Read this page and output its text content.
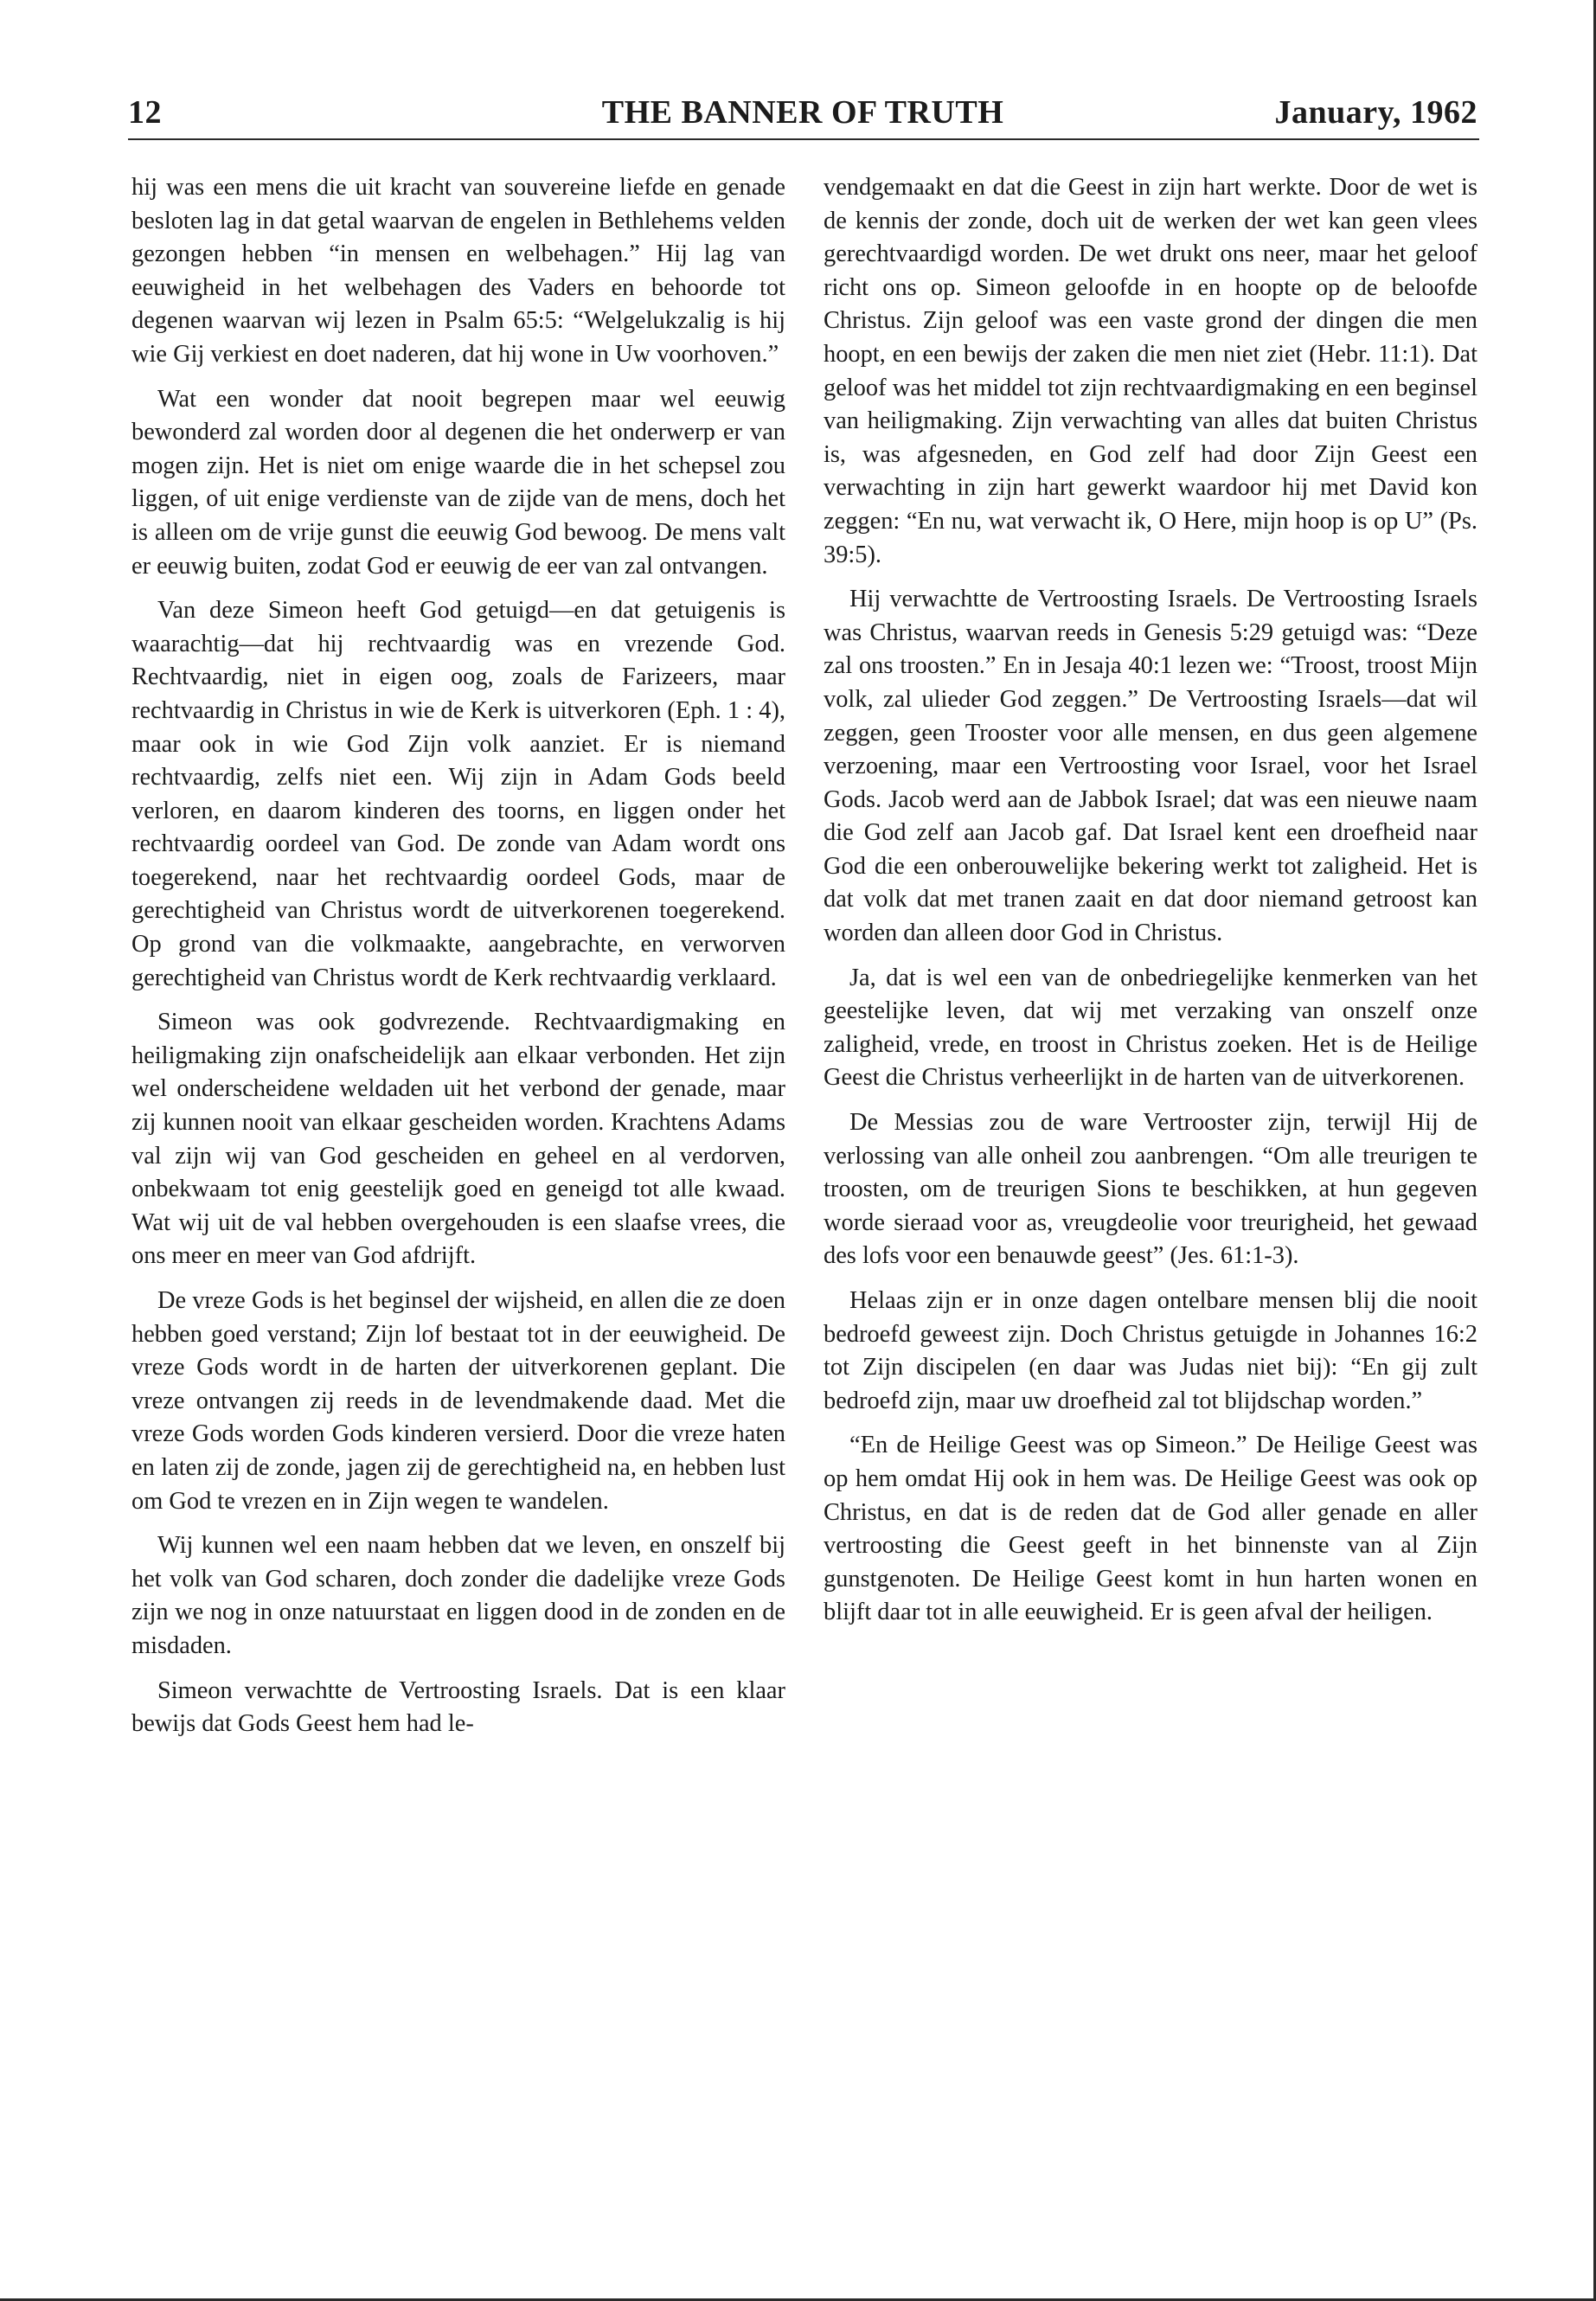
12	THE BANNER OF TRUTH	January, 1962

hij was een mens die uit kracht van souvereine liefde en genade besloten lag in dat getal waarvan de engelen in Bethlehems velden gezongen hebben “in mensen en welbehagen.” Hij lag van eeuwigheid in het welbehagen des Vaders en behoorde tot degenen waarvan wij lezen in Psalm 65:5: “Welgelukzalig is hij wie Gij verkiest en doet naderen, dat hij wone in Uw voorhoven.”

Wat een wonder dat nooit begrepen maar wel eeuwig bewonderd zal worden door al degenen die het onderwerp er van mogen zijn. Het is niet om enige waarde die in het schepsel zou liggen, of uit enige verdienste van de zijde van de mens, doch het is alleen om de vrije gunst die eeuwig God bewoog. De mens valt er eeuwig buiten, zodat God er eeuwig de eer van zal ontvangen.

Van deze Simeon heeft God getuigd—en dat getuigenis is waarachtig—dat hij rechtvaardig was en vrezende God. Rechtvaardig, niet in eigen oog, zoals de Farizeers, maar rechtvaardig in Christus in wie de Kerk is uitverkoren (Eph. 1 : 4), maar ook in wie God Zijn volk aanziet. Er is niemand rechtvaardig, zelfs niet een. Wij zijn in Adam Gods beeld verloren, en daarom kinderen des toorns, en liggen onder het rechtvaardig oordeel van God. De zonde van Adam wordt ons toegerekend, naar het rechtvaardig oordeel Gods, maar de gerechtigheid van Christus wordt de uitverkorenen toegerekend. Op grond van die volkmaakte, aangebrachte, en verworven gerechtigheid van Christus wordt de Kerk rechtvaardig verklaard.

Simeon was ook godvrezende. Rechtvaardigmaking en heiligmaking zijn onafscheidelijk aan elkaar verbonden. Het zijn wel onderscheidene weldaden uit het verbond der genade, maar zij kunnen nooit van elkaar gescheiden worden. Krachtens Adams val zijn wij van God gescheiden en geheel en al verdorven, onbekwaam tot enig geestelijk goed en geneigd tot alle kwaad. Wat wij uit de val hebben overgehouden is een slaafse vrees, die ons meer en meer van God afdrijft.

De vreze Gods is het beginsel der wijsheid, en allen die ze doen hebben goed verstand; Zijn lof bestaat tot in der eeuwigheid. De vreze Gods wordt in de harten der uitverkorenen geplant. Die vreze ontvangen zij reeds in de levendmakende daad. Met die vreze Gods worden Gods kinderen versierd. Door die vreze haten en laten zij de zonde, jagen zij de gerechtigheid na, en hebben lust om God te vrezen en in Zijn wegen te wandelen.

Wij kunnen wel een naam hebben dat we leven, en onszelf bij het volk van God scharen, doch zonder die dadelijke vreze Gods zijn we nog in onze natuurstaat en liggen dood in de zonden en de misdaden.

Simeon verwachtte de Vertroosting Israels. Dat is een klaar bewijs dat Gods Geest hem had le-

vendgemaakt en dat die Geest in zijn hart werkte. Door de wet is de kennis der zonde, doch uit de werken der wet kan geen vlees gerechtvaardigd worden. De wet drukt ons neer, maar het geloof richt ons op. Simeon geloofde in en hoopte op de beloofde Christus. Zijn geloof was een vaste grond der dingen die men hoopt, en een bewijs der zaken die men niet ziet (Hebr. 11:1). Dat geloof was het middel tot zijn rechtvaardigmaking en een beginsel van heiligmaking. Zijn verwachting van alles dat buiten Christus is, was afgesneden, en God zelf had door Zijn Geest een verwachting in zijn hart gewerkt waardoor hij met David kon zeggen: “En nu, wat verwacht ik, O Here, mijn hoop is op U” (Ps. 39:5).

Hij verwachtte de Vertroosting Israels. De Vertroosting Israels was Christus, waarvan reeds in Genesis 5:29 getuigd was: “Deze zal ons troosten.” En in Jesaja 40:1 lezen we: “Troost, troost Mijn volk, zal ulieder God zeggen.” De Vertroosting Israels—dat wil zeggen, geen Trooster voor alle mensen, en dus geen algemene verzoening, maar een Vertroosting voor Israel, voor het Israel Gods. Jacob werd aan de Jabbok Israel; dat was een nieuwe naam die God zelf aan Jacob gaf. Dat Israel kent een droefheid naar God die een onberouwelijke bekering werkt tot zaligheid. Het is dat volk dat met tranen zaait en dat door niemand getroost kan worden dan alleen door God in Christus.

Ja, dat is wel een van de onbedriegelijke kenmerken van het geestelijke leven, dat wij met verzaking van onszelf onze zaligheid, vrede, en troost in Christus zoeken. Het is de Heilige Geest die Christus verheerlijkt in de harten van de uitverkorenen.

De Messias zou de ware Vertrooster zijn, terwijl Hij de verlossing van alle onheil zou aanbrengen. “Om alle treurigen te troosten, om de treurigen Sions te beschikken, at hun gegeven worde sieraad voor as, vreugdeolie voor treurigheid, het gewaad des lofs voor een benauwde geest” (Jes. 61:1-3).

Helaas zijn er in onze dagen ontelbare mensen blij die nooit bedroefd geweest zijn. Doch Christus getuigde in Johannes 16:2 tot Zijn discipelen (en daar was Judas niet bij): “En gij zult bedroefd zijn, maar uw droefheid zal tot blijdschap worden.”

“En de Heilige Geest was op Simeon.” De Heilige Geest was op hem omdat Hij ook in hem was. De Heilige Geest was ook op Christus, en dat is de reden dat de God aller genade en aller vertroosting die Geest geeft in het binnenste van al Zijn gunstgenoten. De Heilige Geest komt in hun harten wonen en blijft daar tot in alle eeuwigheid. Er is geen afval der heiligen.
